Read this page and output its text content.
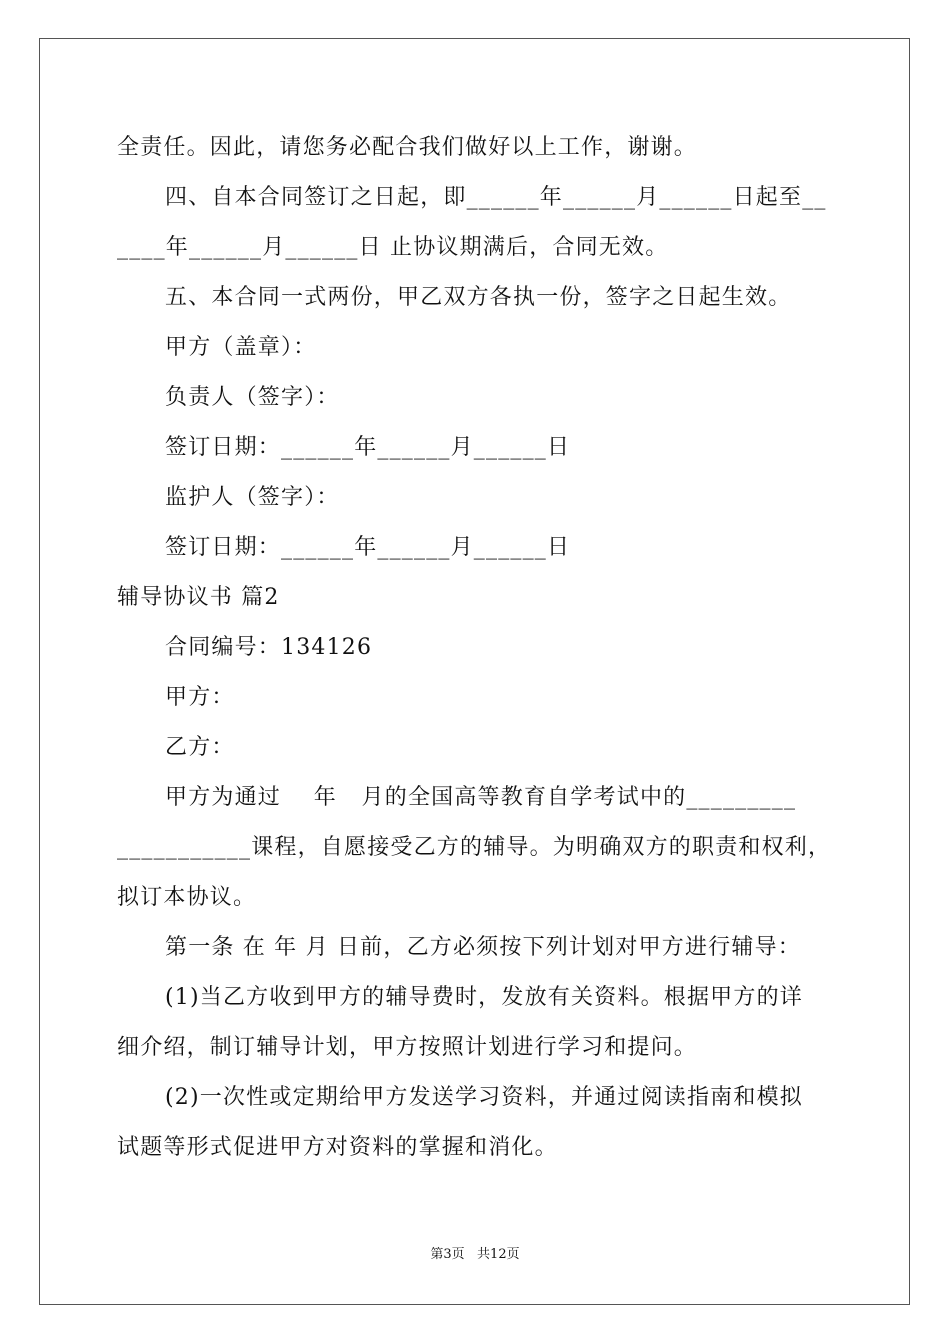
全责任。因此，请您务必配合我们做好以上工作，谢谢。
四、自本合同签订之日起，即______年______月______日起至__
____年______月______日 止协议期满后，合同无效。
五、本合同一式两份，甲乙双方各执一份，签字之日起生效。
甲方（盖章）：
负责人（签字）：
签订日期：______年______月______日
监护人（签字）：
签订日期：______年______月______日
辅导协议书 篇2
合同编号：134126
甲方：
乙方：
甲方为通过    年   月的全国高等教育自学考试中的_________
___________课程，自愿接受乙方的辅导。为明确双方的职责和权利，
拟订本协议。
第一条 在 年 月 日前，乙方必须按下列计划对甲方进行辅导：
(1)当乙方收到甲方的辅导费时，发放有关资料。根据甲方的详
细介绍，制订辅导计划，甲方按照计划进行学习和提问。
(2)一次性或定期给甲方发送学习资料，并通过阅读指南和模拟
试题等形式促进甲方对资料的掌握和消化。
第3页   共12页
